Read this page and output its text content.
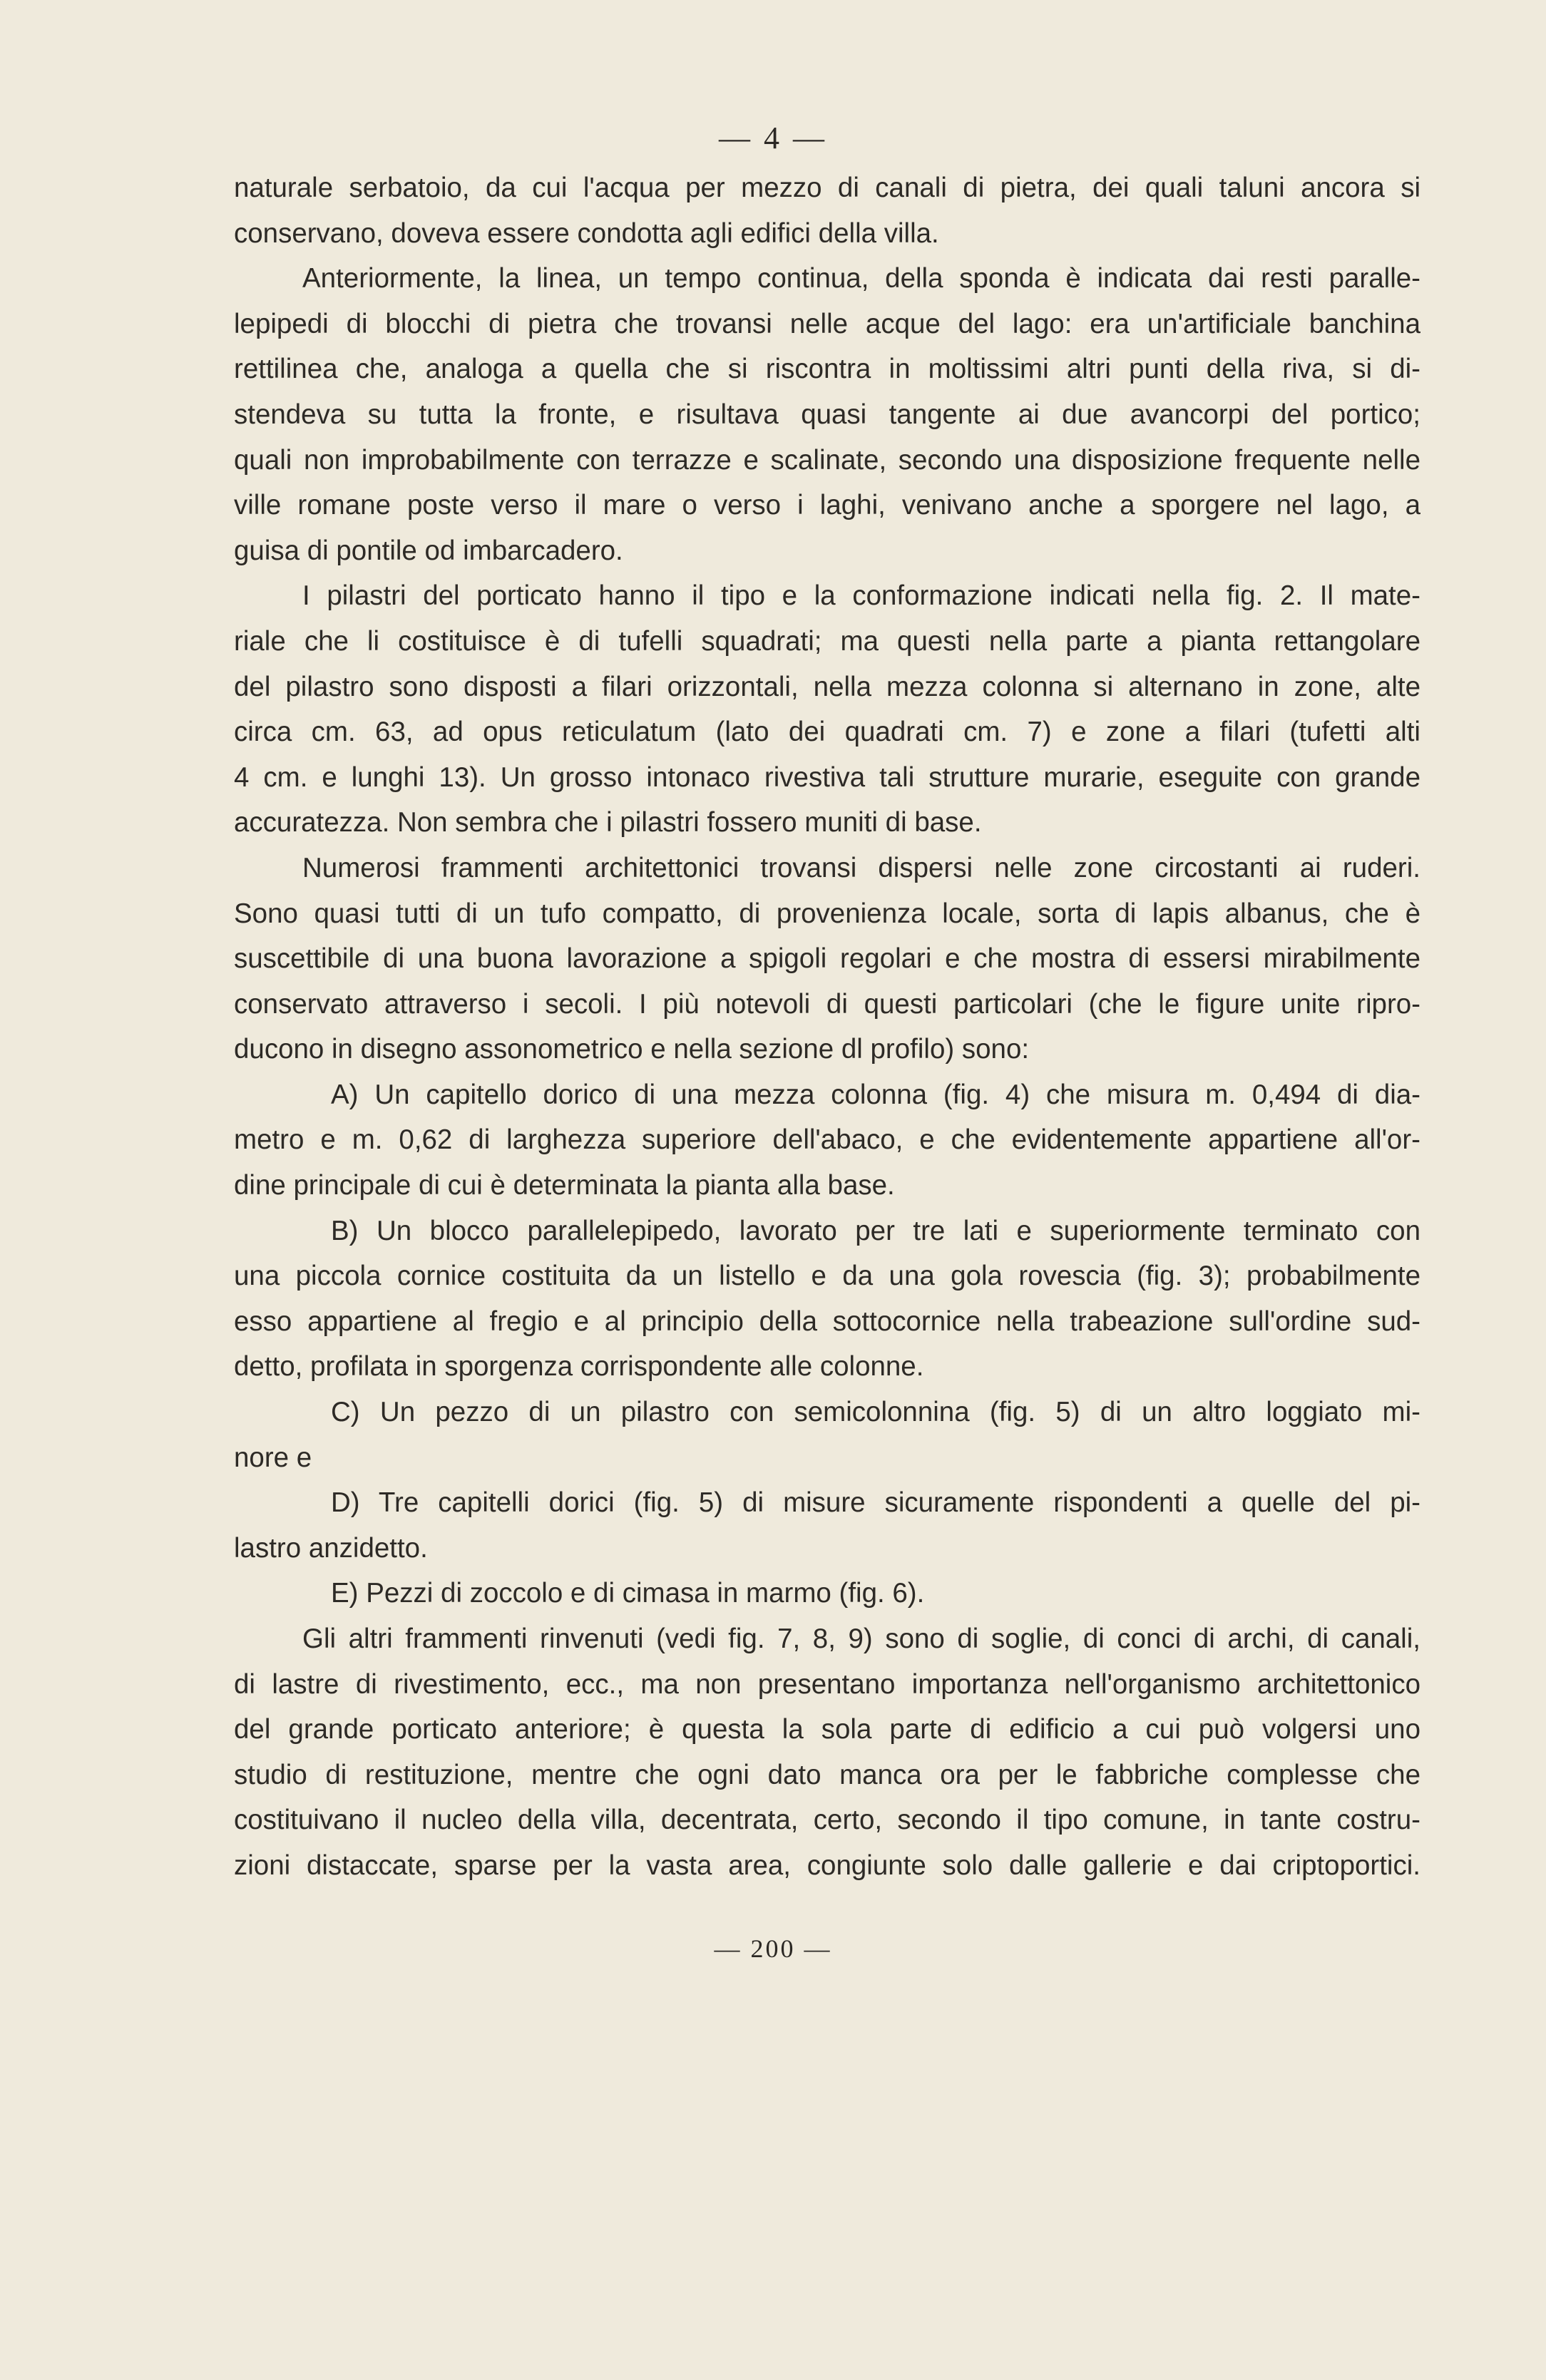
— 4 —
naturale serbatoio, da cui l'acqua per mezzo di canali di pietra, dei quali taluni ancora si
conservano, doveva essere condotta agli edifici della villa.
Anteriormente, la linea, un tempo continua, della sponda è indicata dai resti paralle-
lepipedi di blocchi di pietra che trovansi nelle acque del lago: era un'artificiale banchina
rettilinea che, analoga a quella che si riscontra in moltissimi altri punti della riva, si di-
stendeva su tutta la fronte, e risultava quasi tangente ai due avancorpi del portico;
quali non improbabilmente con terrazze e scalinate, secondo una disposizione frequente nelle
ville romane poste verso il mare o verso i laghi, venivano anche a sporgere nel lago, a
guisa di pontile od imbarcadero.
I pilastri del porticato hanno il tipo e la conformazione indicati nella fig. 2. Il mate-
riale che li costituisce è di tufelli squadrati; ma questi nella parte a pianta rettangolare
del pilastro sono disposti a filari orizzontali, nella mezza colonna si alternano in zone, alte
circa cm. 63, ad opus reticulatum (lato dei quadrati cm. 7) e zone a filari (tufetti alti
4 cm. e lunghi 13). Un grosso intonaco rivestiva tali strutture murarie, eseguite con grande
accuratezza. Non sembra che i pilastri fossero muniti di base.
Numerosi frammenti architettonici trovansi dispersi nelle zone circostanti ai ruderi.
Sono quasi tutti di un tufo compatto, di provenienza locale, sorta di lapis albanus, che è
suscettibile di una buona lavorazione a spigoli regolari e che mostra di essersi mirabilmente
conservato attraverso i secoli. I più notevoli di questi particolari (che le figure unite ripro-
ducono in disegno assonometrico e nella sezione dl profilo) sono:
A) Un capitello dorico di una mezza colonna (fig. 4) che misura m. 0,494 di dia-
metro e m. 0,62 di larghezza superiore dell'abaco, e che evidentemente appartiene all'or-
dine principale di cui è determinata la pianta alla base.
B) Un blocco parallelepipedo, lavorato per tre lati e superiormente terminato con
una piccola cornice costituita da un listello e da una gola rovescia (fig. 3); probabilmente
esso appartiene al fregio e al principio della sottocornice nella trabeazione sull'ordine sud-
detto, profilata in sporgenza corrispondente alle colonne.
C) Un pezzo di un pilastro con semicolonnina (fig. 5) di un altro loggiato mi-
nore e
D) Tre capitelli dorici (fig. 5) di misure sicuramente rispondenti a quelle del pi-
lastro anzidetto.
E) Pezzi di zoccolo e di cimasa in marmo (fig. 6).
Gli altri frammenti rinvenuti (vedi fig. 7, 8, 9) sono di soglie, di conci di archi, di canali,
di lastre di rivestimento, ecc., ma non presentano importanza nell'organismo architettonico
del grande porticato anteriore; è questa la sola parte di edificio a cui può volgersi uno
studio di restituzione, mentre che ogni dato manca ora per le fabbriche complesse che
costituivano il nucleo della villa, decentrata, certo, secondo il tipo comune, in tante costru-
zioni distaccate, sparse per la vasta area, congiunte solo dalle gallerie e dai criptoportici.
— 200 —
